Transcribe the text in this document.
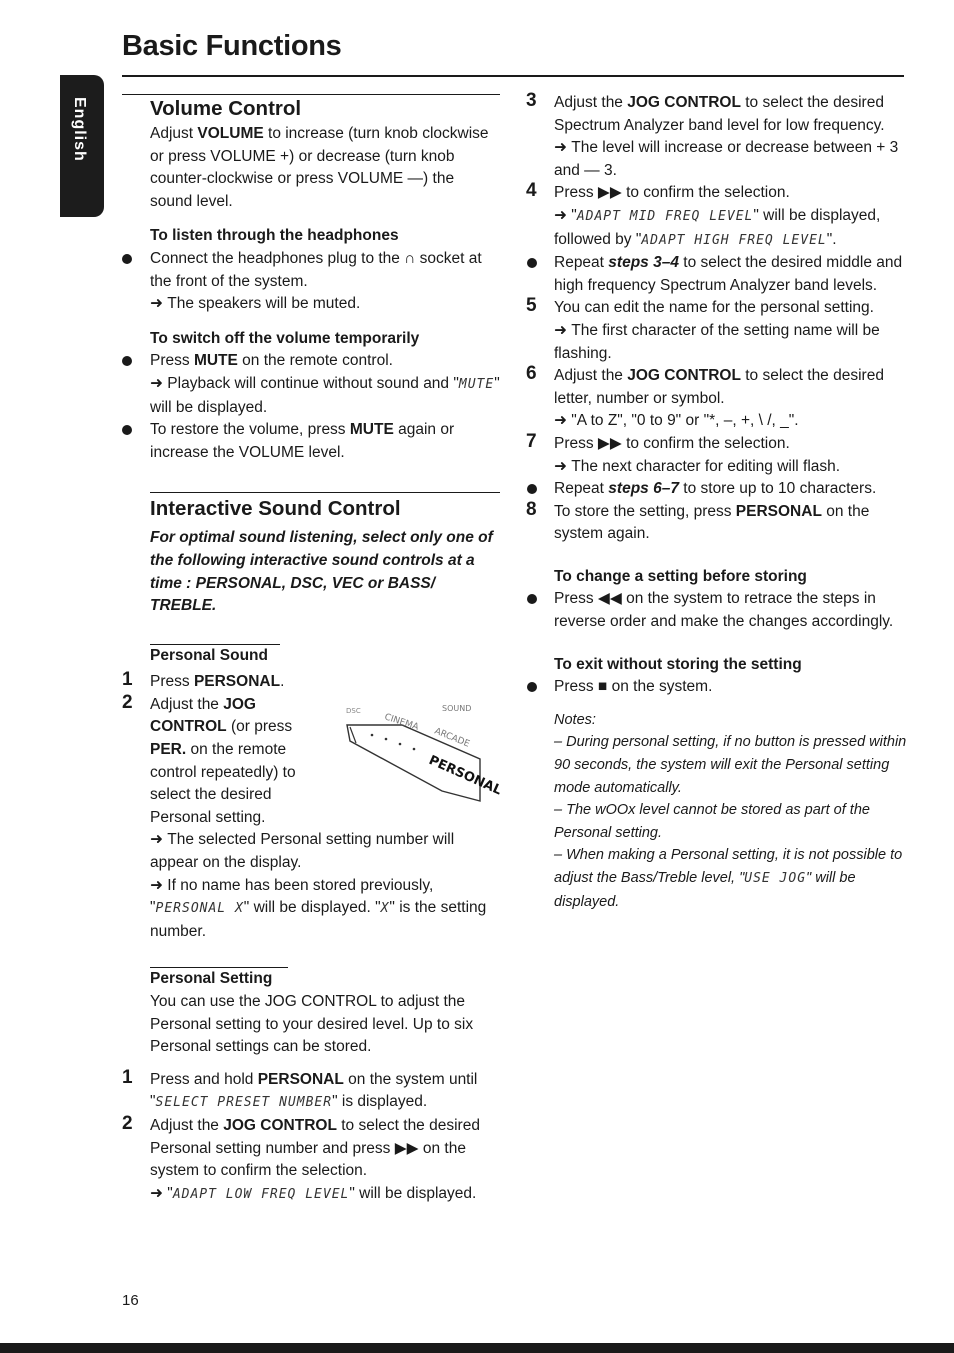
Basic Functions
English	Volume Control

Adjust VOLUME to increase (turn knob clockwise or press VOLUME +) or decrease (turn knob counter-clockwise or press VOLUME —) the sound level.

To listen through the headphones

Connect the headphones plug to the ∩ socket at the front of the system.

➜ The speakers will be muted.

To switch off the volume temporarily

Press MUTE on the remote control.

➜ Playback will continue without sound and "MUTE" will be displayed.

To restore the volume, press MUTE again or increase the VOLUME level.

Interactive Sound Control

For optimal sound listening, select only one of the following interactive sound controls at a time : PERSONAL, DSC, VEC or BASS/ TREBLE.

Personal Sound

1 Press PERSONAL.

2 Adjust the JOG CONTROL (or press PER. on the remote control repeatedly) to select the desired Personal setting.

➜ The selected Personal setting number will appear on the display.

➜ If no name has been stored previously, "PERSONAL X" will be displayed. "X" is the setting number.

Personal Setting

You can use the JOG CONTROL to adjust the Personal setting to your desired level. Up to six Personal settings can be stored.

1 Press and hold PERSONAL on the system until "SELECT PRESET NUMBER" is displayed.

2 Adjust the JOG CONTROL to select the desired Personal setting number and press ▶▶ on the system to confirm the selection.

➜ "ADAPT LOW FREQ LEVEL" will be displayed.

DSC
CINEMA
SOUND
ARCADE
PERSONAL
3 Adjust the JOG CONTROL to select the desired Spectrum Analyzer band level for low frequency.

➜ The level will increase or decrease between + 3 and — 3.

4 Press ▶▶ to confirm the selection.

➜ "ADAPT MID FREQ LEVEL" will be displayed, followed by "ADAPT HIGH FREQ LEVEL".

Repeat steps 3–4 to select the desired middle and high frequency Spectrum Analyzer band levels.

5 You can edit the name for the personal setting.

➜ The first character of the setting name will be flashing.

6 Adjust the JOG CONTROL to select the desired letter, number or symbol.

➜ "A to Z", "0 to 9" or "*, –, +, \ /, _".

7 Press ▶▶ to confirm the selection.

➜ The next character for editing will flash.

Repeat steps 6–7 to store up to 10 characters.

8 To store the setting, press PERSONAL on the system again.

To change a setting before storing

Press ◀◀ on the system to retrace the steps in reverse order and make the changes accordingly.

To exit without storing the setting

Press ■ on the system.

Notes:

– During personal setting, if no button is pressed within 90 seconds, the system will exit the Personal setting mode automatically.

– The wOOx level cannot be stored as part of the Personal setting.

– When making a Personal setting, it is not possible to adjust the Bass/Treble level, "USE JOG" will be displayed.

16
